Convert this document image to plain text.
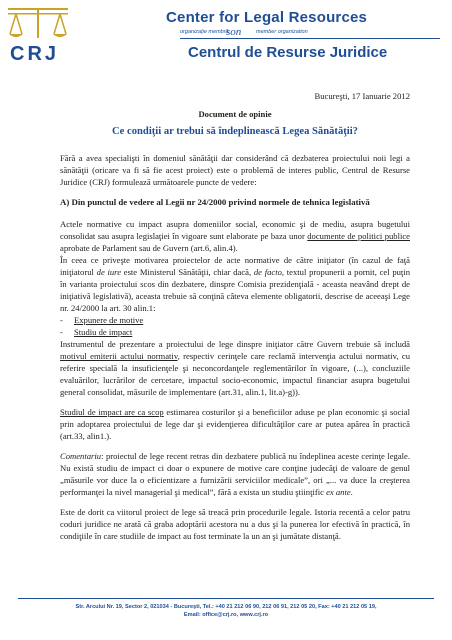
CRJ
Center for Legal Resources
organizaţie membră
son	member organization
Centrul de Resurse Juridice
Bucureşti, 17 Ianuarie 2012
Document de opinie
Ce condiţii ar trebui să îndeplinească Legea Sănătăţii?

Fără a avea specialişti în domeniul sănătăţii dar considerând că dezbaterea proiectului noii legi a sănătăţii (oricare va fi să fie acest proiect) este o problemă de interes public, Centrul de Resurse Juridice (CRJ) formulează următoarele puncte de vedere:

A) Din punctul de vedere al Legii nr 24/2000 privind normele de tehnica legislativă

Actele normative cu impact asupra domeniilor social, economic şi de mediu, asupra bugetului consolidat sau asupra legislaţiei în vigoare sunt elaborate pe baza unor documente de politici publice aprobate de Parlament sau de Guvern (art.6, alin.4).

În ceea ce priveşte motivarea proiectelor de acte normative de către iniţiator (în cazul de faţă iniţiatorul de iure este Ministerul Sănătăţii, chiar dacă, de facto, textul propunerii a pornit, cel puţin în varianta proiectului scos din dezbatere, dinspre Comisia prezidenţială - aceasta neavând drept de iniţiativă legislativă), aceasta trebuie să conţină câteva elemente obligatorii, descrise de aceeaşi Lege nr. 24/2000 la art. 30 alin.1:

- Expunere de motive
- Studiu de impact

Instrumentul de prezentare a proiectului de lege dinspre iniţiator către Guvern trebuie să includă motivul emiterii actului normativ, respectiv cerinţele care reclamă intervenţia actului normativ, cu referire specială la insuficienţele şi neconcordanţele reglementărilor în vigoare, (...), concluziile evaluărilor, lucrărilor de cercetare, impactul socio-economic, impactul financiar asupra bugetului general consolidat, măsurile de implementare (art.31, alin.1, lit.a)-g)).

Studiul de impact are ca scop estimarea costurilor şi a beneficiilor aduse pe plan economic şi social prin adoptarea proiectului de lege dar şi evidenţierea dificultăţilor care ar putea apărea în practică (art.33, alin1.).

Comentariu: proiectul de lege recent retras din dezbatere publică nu îndeplinea aceste cerinţe legale. Nu există studiu de impact ci doar o expunere de motive care conţine judecăţi de valoare de genul „măsurile vor duce la o eficientizare a furnizării serviciilor medicale”, ori „... va duce la creşterea performanţei la nivel managerial şi medical”, fără a exista un studiu ştiinţific ex ante.

Este de dorit ca viitorul proiect de lege să treacă prin procedurile legale. Istoria recentă a celor patru coduri juridice ne arată că graba adoptării acestora nu a dus şi la punerea lor efectivă în practică, în condiţiile în care studiile de impact au fost terminate la un an şi jumătate distanţă.

Str. Arcului Nr. 19, Sector 2, 021034 - Bucureşti, Tel.: +40 21 212 06 90, 212 06 91, 212 05 20, Fax: +40 21 212 05 19,
Email: office@crj.ro, www.crj.ro
